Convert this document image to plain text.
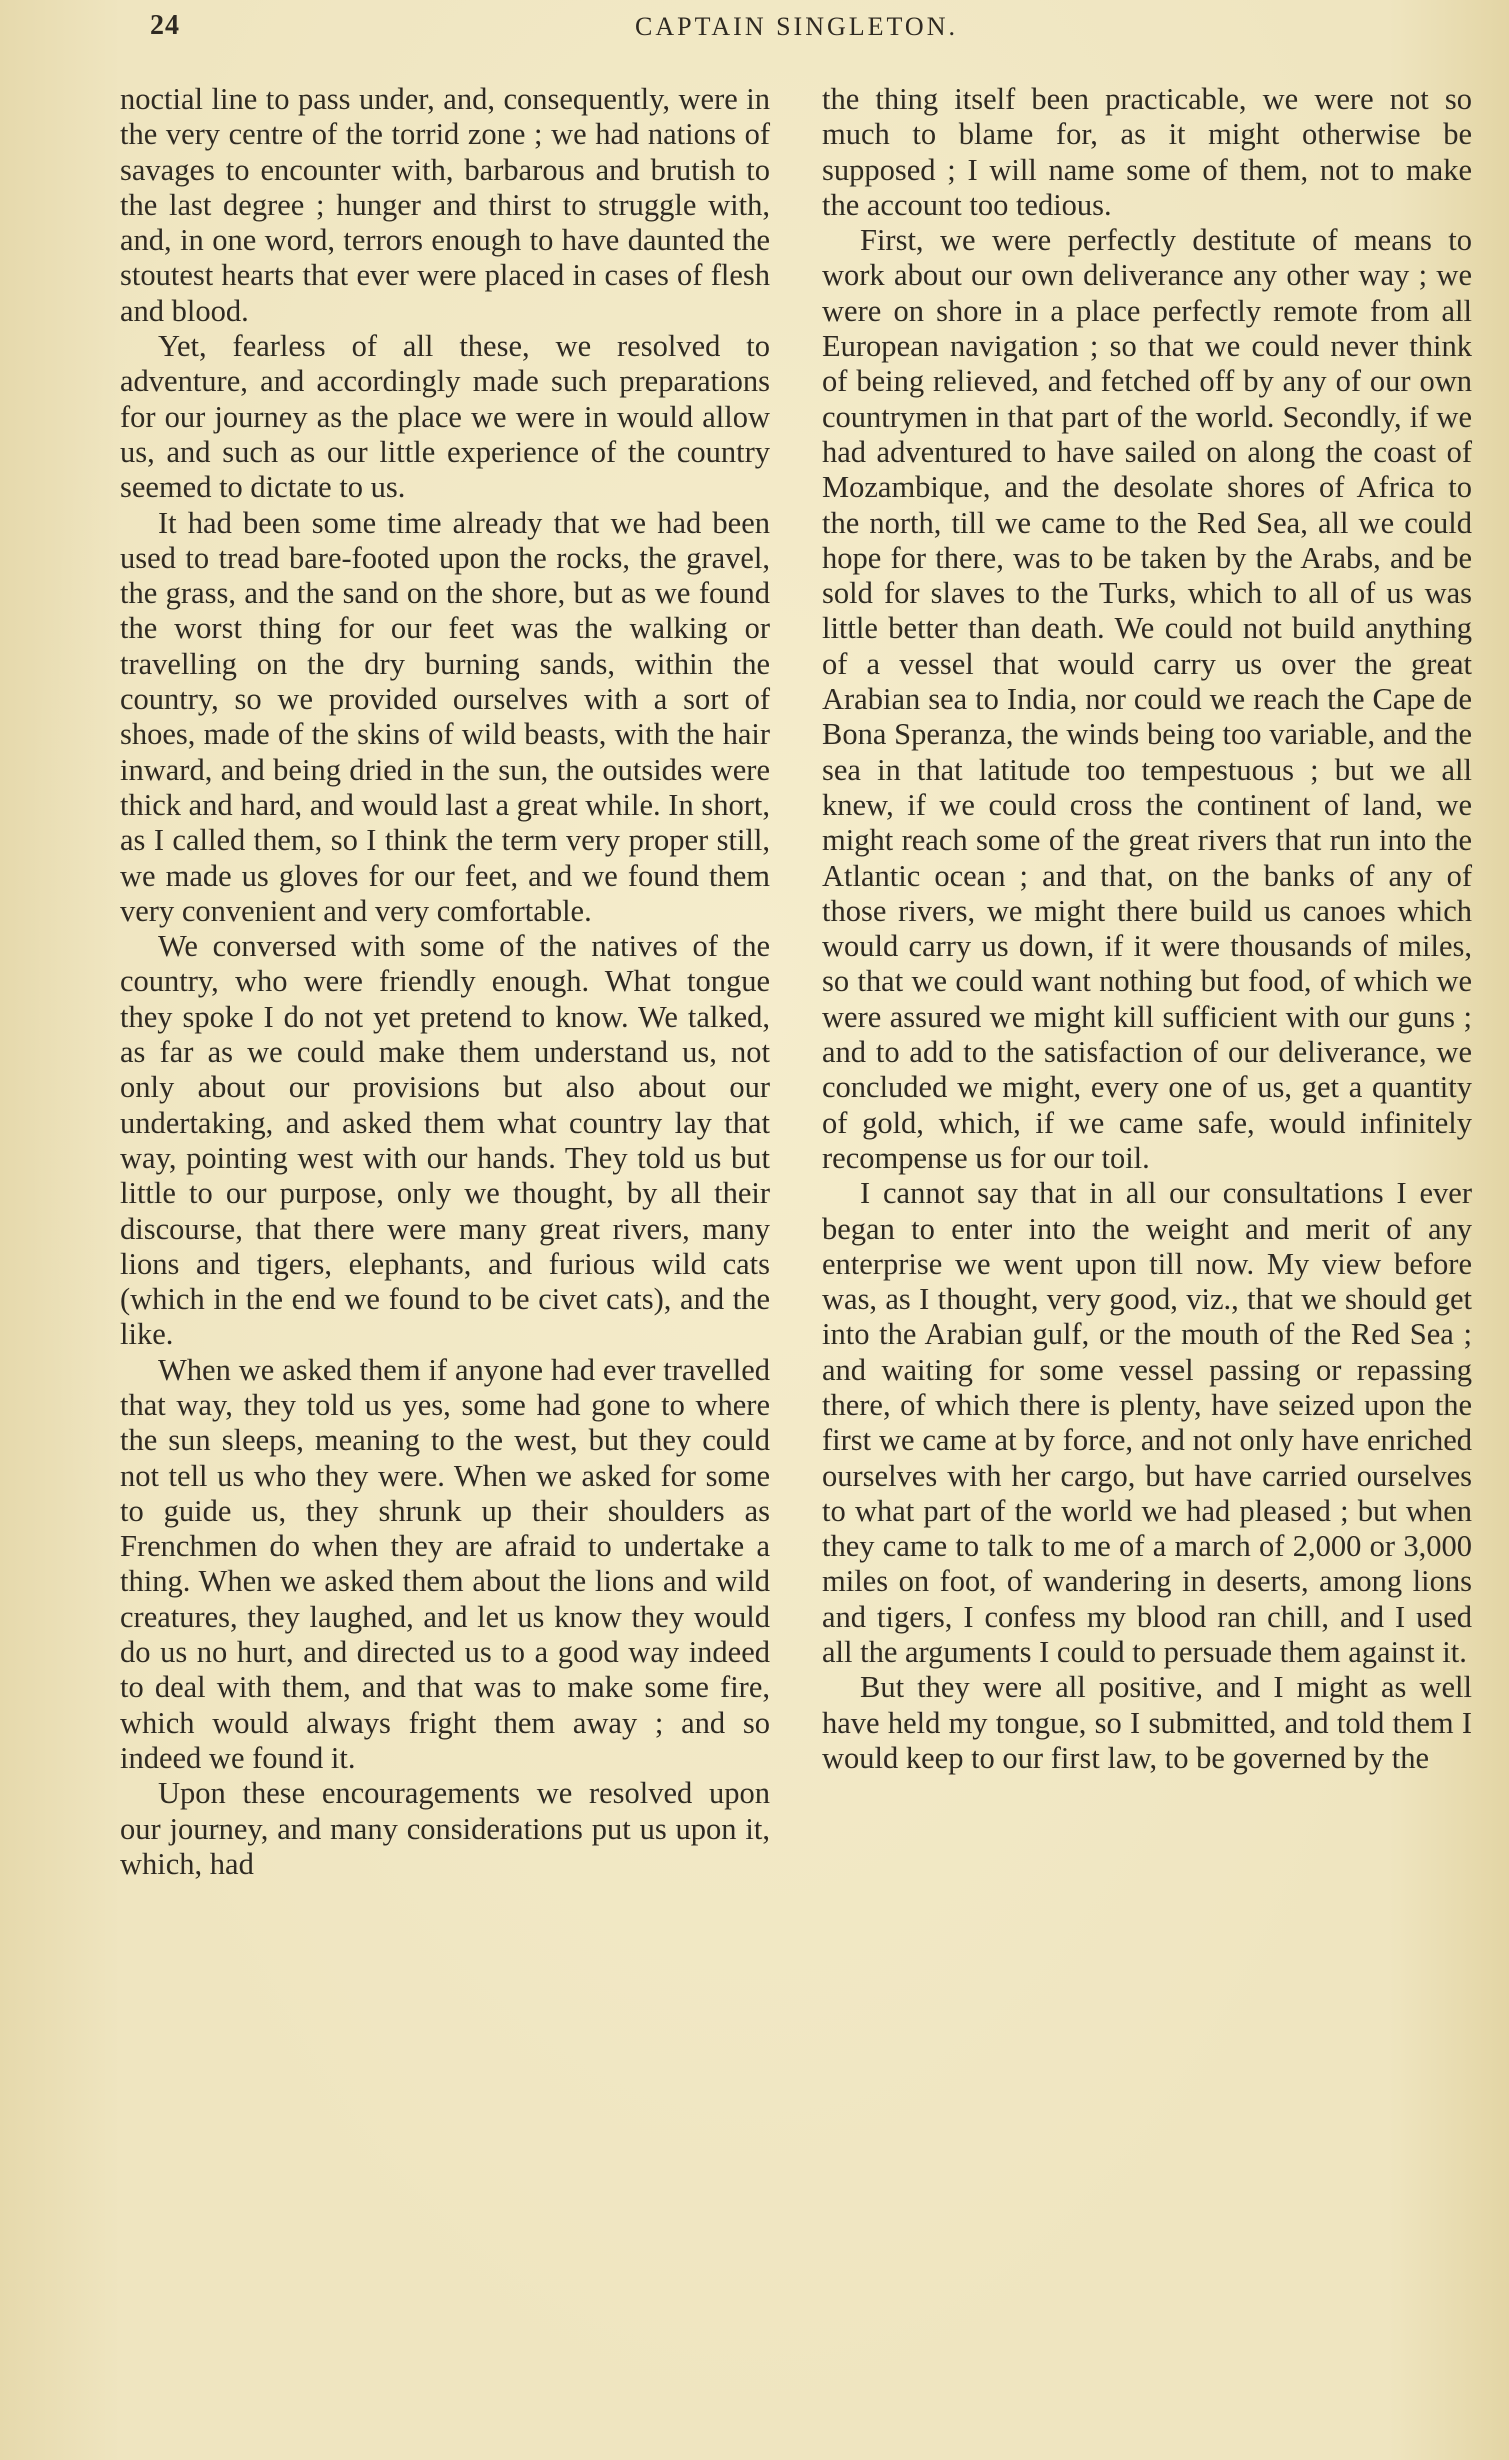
24	CAPTAIN SINGLETON.

noctial line to pass under, and, consequently, were in the very centre of the torrid zone ; we had nations of savages to encounter with, barbarous and brutish to the last degree ; hunger and thirst to struggle with, and, in one word, terrors enough to have daunted the stoutest hearts that ever were placed in cases of flesh and blood.

Yet, fearless of all these, we resolved to adventure, and accordingly made such preparations for our journey as the place we were in would allow us, and such as our little experience of the country seemed to dictate to us.

It had been some time already that we had been used to tread bare-footed upon the rocks, the gravel, the grass, and the sand on the shore, but as we found the worst thing for our feet was the walking or travelling on the dry burning sands, within the country, so we provided ourselves with a sort of shoes, made of the skins of wild beasts, with the hair inward, and being dried in the sun, the outsides were thick and hard, and would last a great while. In short, as I called them, so I think the term very proper still, we made us gloves for our feet, and we found them very convenient and very comfortable.

We conversed with some of the natives of the country, who were friendly enough. What tongue they spoke I do not yet pretend to know. We talked, as far as we could make them understand us, not only about our provisions but also about our undertaking, and asked them what country lay that way, pointing west with our hands. They told us but little to our purpose, only we thought, by all their discourse, that there were many great rivers, many lions and tigers, elephants, and furious wild cats (which in the end we found to be civet cats), and the like.

When we asked them if anyone had ever travelled that way, they told us yes, some had gone to where the sun sleeps, meaning to the west, but they could not tell us who they were. When we asked for some to guide us, they shrunk up their shoulders as Frenchmen do when they are afraid to undertake a thing. When we asked them about the lions and wild creatures, they laughed, and let us know they would do us no hurt, and directed us to a good way indeed to deal with them, and that was to make some fire, which would always fright them away ; and so indeed we found it.

Upon these encouragements we resolved upon our journey, and many considerations put us upon it, which, had

the thing itself been practicable, we were not so much to blame for, as it might otherwise be supposed ; I will name some of them, not to make the account too tedious.

First, we were perfectly destitute of means to work about our own deliverance any other way ; we were on shore in a place perfectly remote from all European navigation ; so that we could never think of being relieved, and fetched off by any of our own countrymen in that part of the world. Secondly, if we had adventured to have sailed on along the coast of Mozambique, and the desolate shores of Africa to the north, till we came to the Red Sea, all we could hope for there, was to be taken by the Arabs, and be sold for slaves to the Turks, which to all of us was little better than death. We could not build anything of a vessel that would carry us over the great Arabian sea to India, nor could we reach the Cape de Bona Speranza, the winds being too variable, and the sea in that latitude too tempestuous ; but we all knew, if we could cross the continent of land, we might reach some of the great rivers that run into the Atlantic ocean ; and that, on the banks of any of those rivers, we might there build us canoes which would carry us down, if it were thousands of miles, so that we could want nothing but food, of which we were assured we might kill sufficient with our guns ; and to add to the satisfaction of our deliverance, we concluded we might, every one of us, get a quantity of gold, which, if we came safe, would infinitely recompense us for our toil.

I cannot say that in all our consultations I ever began to enter into the weight and merit of any enterprise we went upon till now. My view before was, as I thought, very good, viz., that we should get into the Arabian gulf, or the mouth of the Red Sea ; and waiting for some vessel passing or repassing there, of which there is plenty, have seized upon the first we came at by force, and not only have enriched ourselves with her cargo, but have carried ourselves to what part of the world we had pleased ; but when they came to talk to me of a march of 2,000 or 3,000 miles on foot, of wandering in deserts, among lions and tigers, I confess my blood ran chill, and I used all the arguments I could to persuade them against it.

But they were all positive, and I might as well have held my tongue, so I submitted, and told them I would keep to our first law, to be governed by the
